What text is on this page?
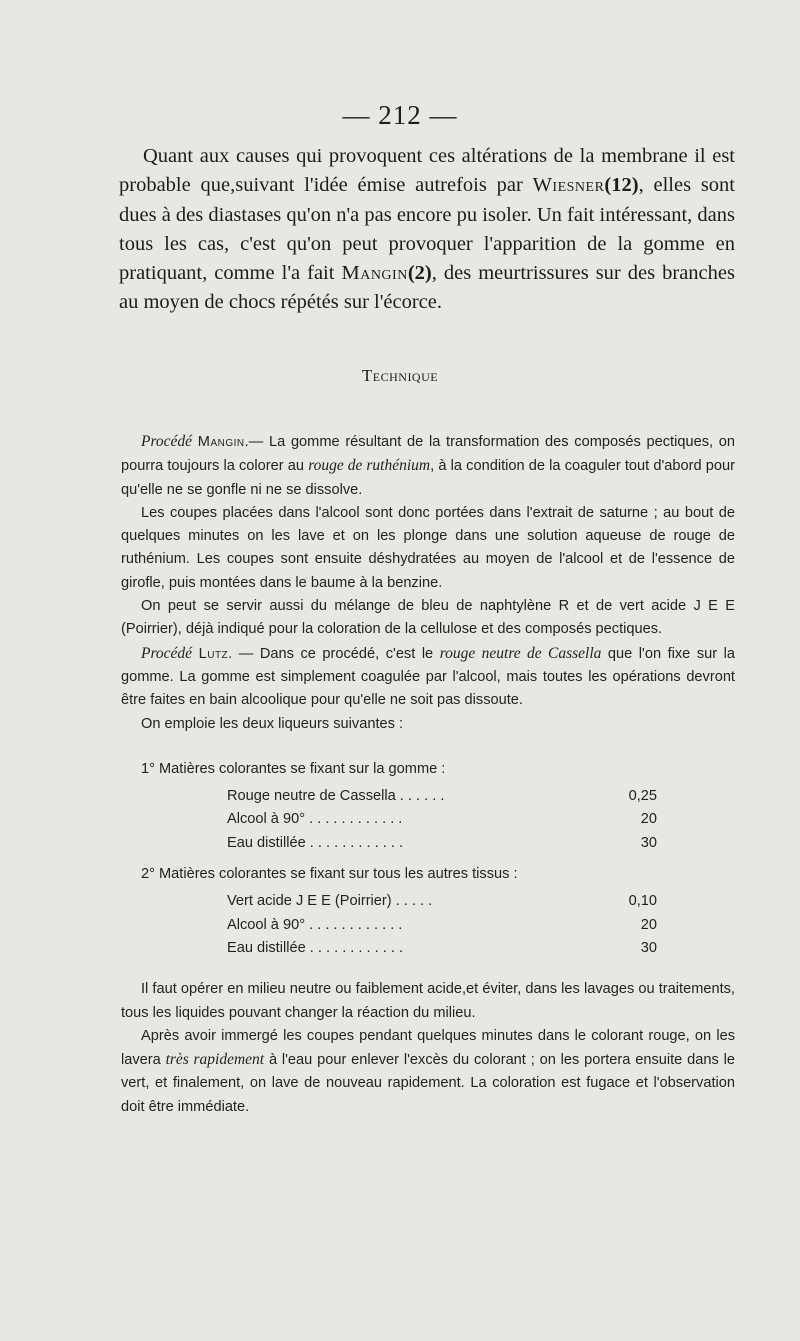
— 212 —

Quant aux causes qui provoquent ces altérations de la membrane il est probable que,suivant l'idée émise autrefois par Wiesner(12), elles sont dues à des diastases qu'on n'a pas encore pu isoler. Un fait intéressant, dans tous les cas, c'est qu'on peut provoquer l'apparition de la gomme en pratiquant, comme l'a fait Mangin(2), des meurtrissures sur des branches au moyen de chocs répétés sur l'écorce.

Technique

Procédé Mangin.— La gomme résultant de la transformation des composés pectiques, on pourra toujours la colorer au rouge de ruthénium, à la condition de la coaguler tout d'abord pour qu'elle ne se gonfle ni ne se dissolve.

Les coupes placées dans l'alcool sont donc portées dans l'extrait de saturne ; au bout de quelques minutes on les lave et on les plonge dans une solution aqueuse de rouge de ruthénium. Les coupes sont ensuite déshydratées au moyen de l'alcool et de l'essence de girofle, puis montées dans le baume à la benzine.

On peut se servir aussi du mélange de bleu de naphtylène R et de vert acide J E E (Poirrier), déjà indiqué pour la coloration de la cellulose et des composés pectiques.

Procédé Lutz. — Dans ce procédé, c'est le rouge neutre de Cassella que l'on fixe sur la gomme. La gomme est simplement coagulée par l'alcool, mais toutes les opérations devront être faites en bain alcoolique pour qu'elle ne soit pas dissoute.

On emploie les deux liqueurs suivantes :

1° Matières colorantes se fixant sur la gomme :
Rouge neutre de Cassella . . . . . .	0,25
Alcool à 90° . . . . . . . . . . . .	20
Eau distillée . . . . . . . . . . . .	30
2° Matières colorantes se fixant sur tous les autres tissus :
Vert acide J E E (Poirrier) . . . . .	0,10
Alcool à 90° . . . . . . . . . . . .	20
Eau distillée . . . . . . . . . . . .	30

Il faut opérer en milieu neutre ou faiblement acide,et éviter, dans les lavages ou traitements, tous les liquides pouvant changer la réaction du milieu.

Après avoir immergé les coupes pendant quelques minutes dans le colorant rouge, on les lavera très rapidement à l'eau pour enlever l'excès du colorant ; on les portera ensuite dans le vert, et finalement, on lave de nouveau rapidement. La coloration est fugace et l'observation doit être immédiate.
